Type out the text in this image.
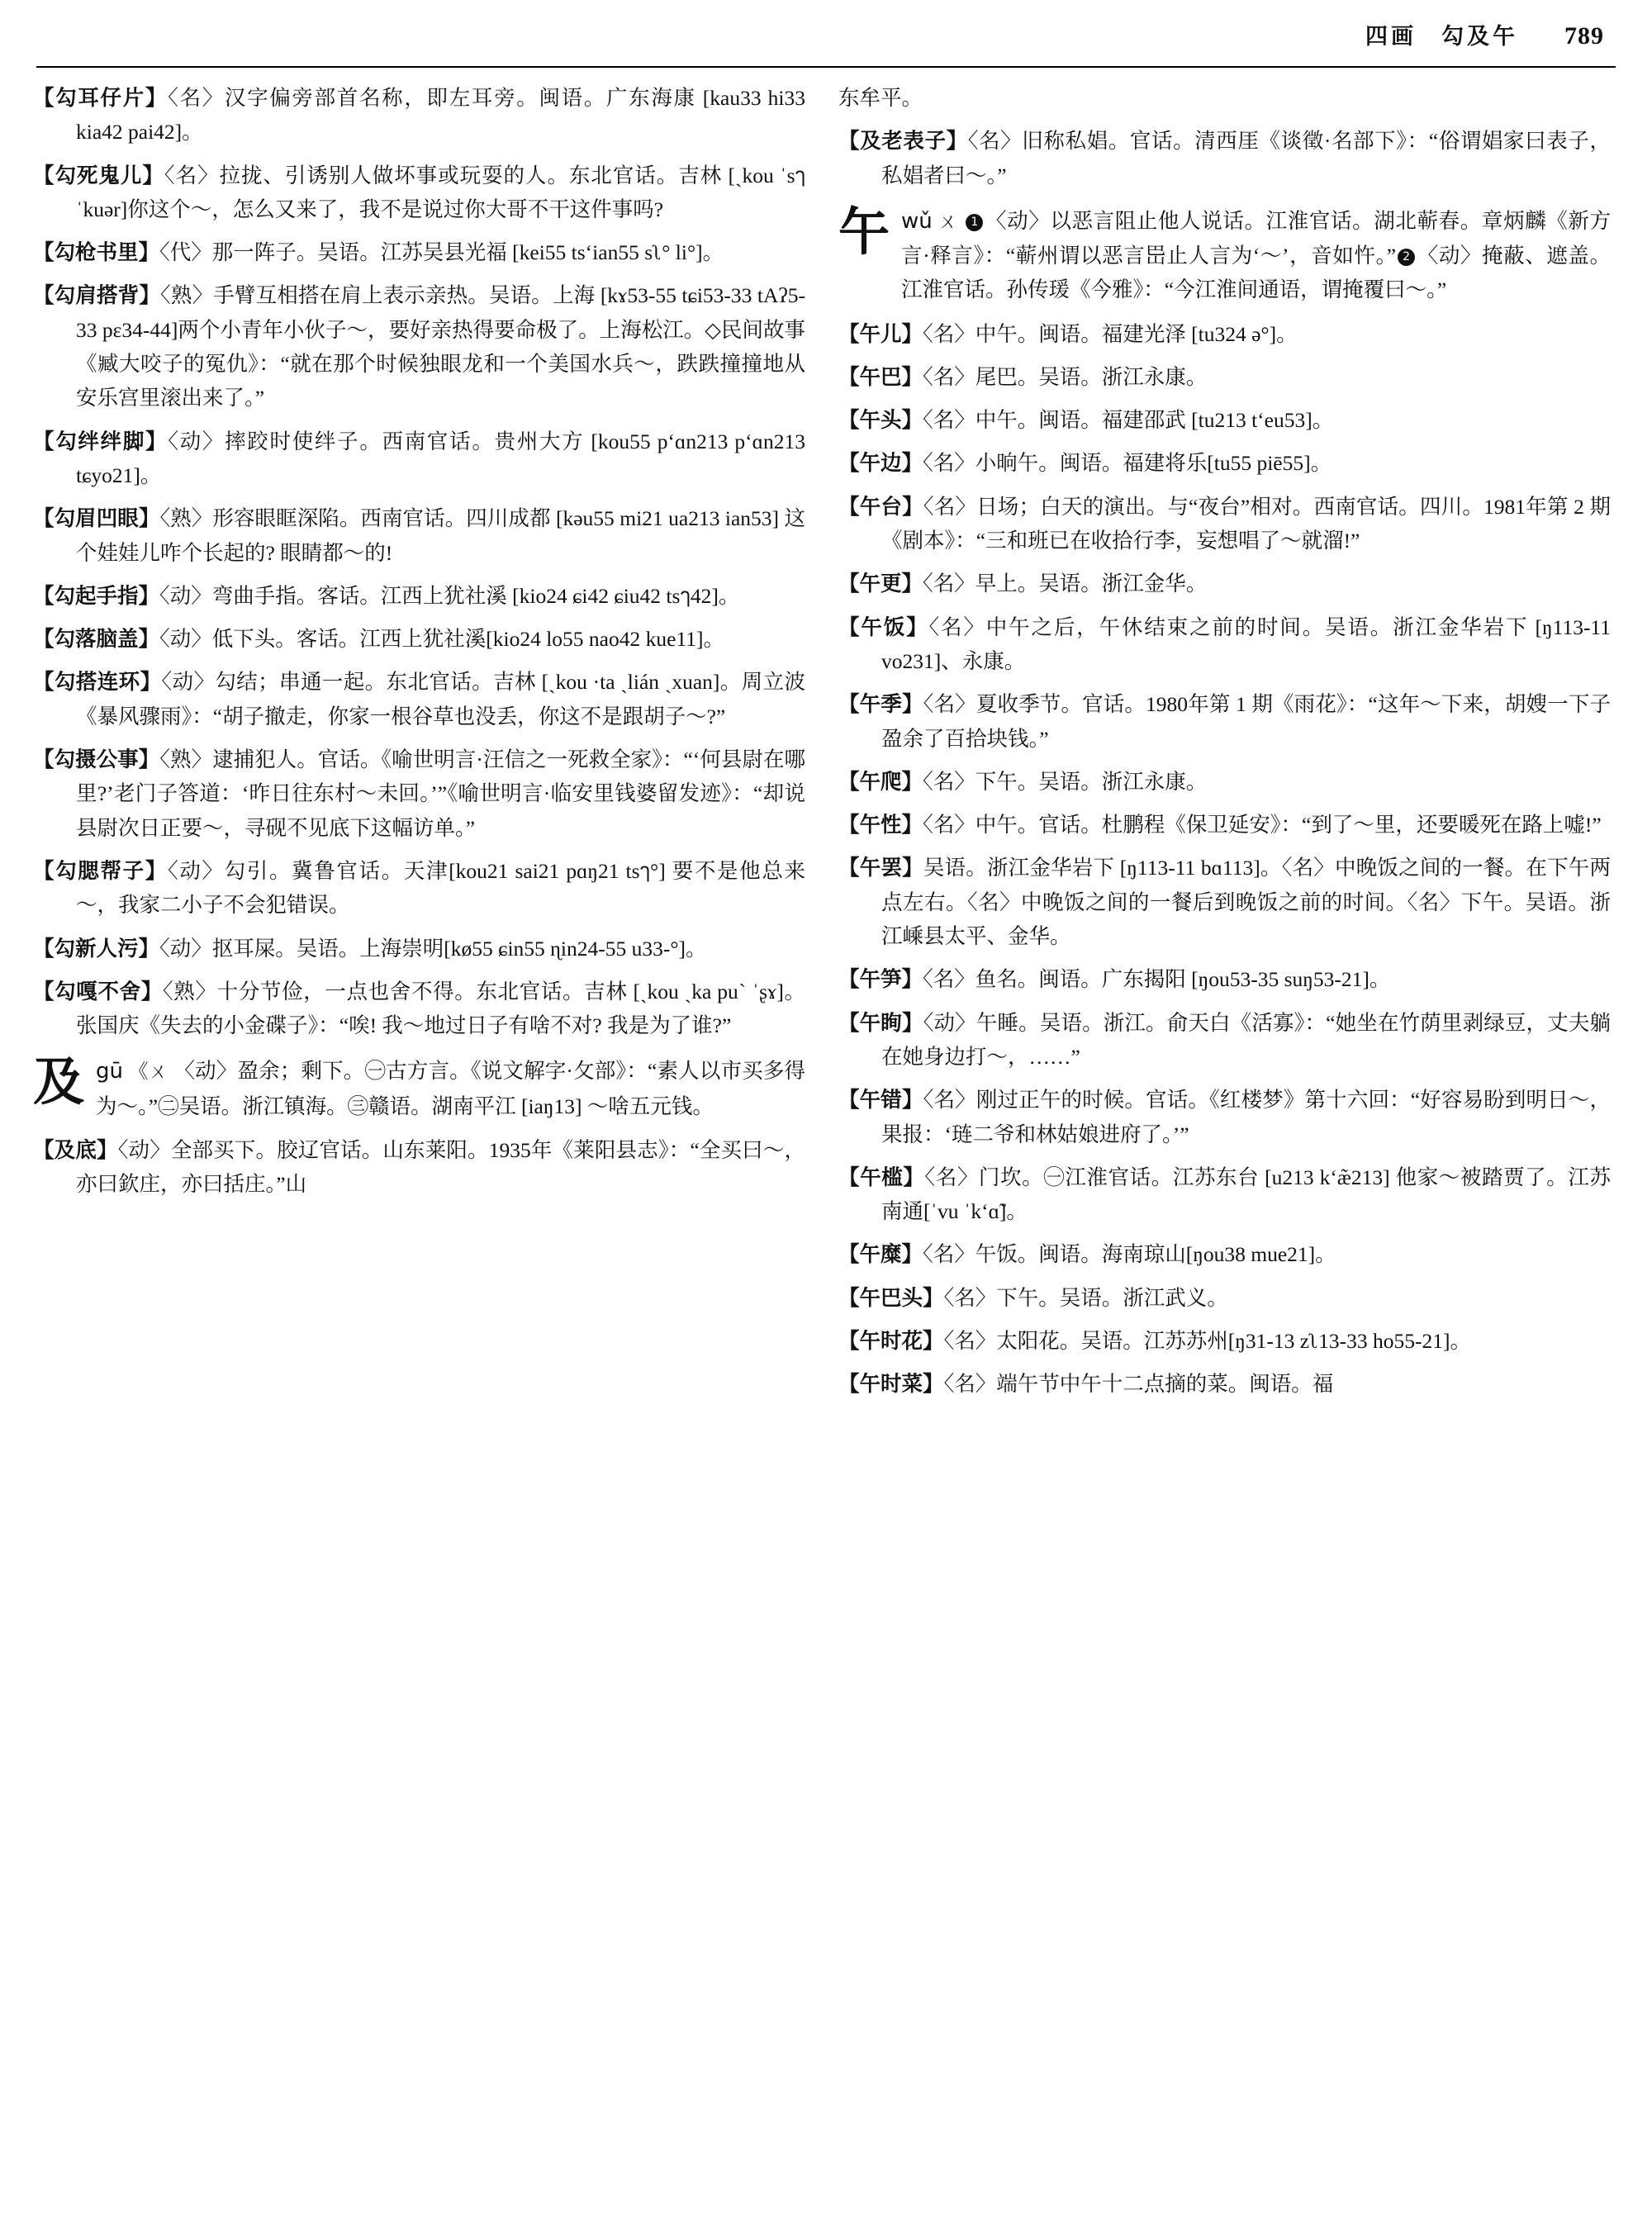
四画 勾及午 789

【勾耳仔片】〈名〉汉字偏旁部首名称，即左耳旁。闽语。广东海康 [kau33 hi33 kia42 pai42]。

【勾死鬼儿】〈名〉拉拢、引诱别人做坏事或玩耍的人。东北官话。吉林 [ˎkou ˈsๅ ˈkuər]你这个～，怎么又来了，我不是说过你大哥不干这件事吗?

【勾枪书里】〈代〉那一阵子。吴语。江苏吴县光福 [kei55 tsʻian55 sʅ° li°]。

【勾肩搭背】〈熟〉手臂互相搭在肩上表示亲热。吴语。上海 [kɤ53-55 tɕi53-33 tAʔ5-33 pɛ34-44]两个小青年小伙子～，要好亲热得要命极了。上海松江。◇民间故事《臧大咬子的冤仇》：“就在那个时候独眼龙和一个美国水兵～，跌跌撞撞地从安乐宫里滚出来了。”

【勾绊绊脚】〈动〉摔跤时使绊子。西南官话。贵州大方 [kou55 pʻɑn213 pʻɑn213 tɕyo21]。

【勾眉凹眼】〈熟〉形容眼眶深陷。西南官话。四川成都 [kəu55 mi21 ua213 ian53] 这个娃娃儿咋个长起的? 眼睛都～的!

【勾起手指】〈动〉弯曲手指。客话。江西上犹社溪 [kio24 ɕi42 ɕiu42 tsๅ42]。

【勾落脑盖】〈动〉低下头。客话。江西上犹社溪[kio24 lo55 nao42 kue11]。

【勾搭连环】〈动〉勾结；串通一起。东北官话。吉林 [ˎkou ·ta ˎlián ˎxuan]。周立波《暴风骤雨》：“胡子撤走，你家一根谷草也没丢，你这不是跟胡子～?”

【勾摄公事】〈熟〉逮捕犯人。官话。《喻世明言·汪信之一死救全家》：“‘何县尉在哪里?’老门子答道：‘昨日往东村～未回。’”《喻世明言·临安里钱婆留发迹》：“却说县尉次日正要～，寻砚不见底下这幅访单。”

【勾腮帮子】〈动〉勾引。冀鲁官话。天津[kou21 sai21 pɑŋ21 tsๅ°] 要不是他总来～，我家二小子不会犯错误。

【勾新人污】〈动〉抠耳屎。吴语。上海崇明[kø55 ɕin55 ɳin24-55 u33-°]。

【勾嘎不舍】〈熟〉十分节俭，一点也舍不得。东北官话。吉林 [ˎkou ˎka puˋ ˈʂɤ]。张国庆《失去的小金碟子》：“唉! 我～地过日子有啥不对? 我是为了谁?”

及 gū 《ㄨ 〈动〉盈余；剩下。㊀古方言。《说文解字·攵部》：“素人以市买多得为～。”㊁吴语。浙江镇海。㊂赣语。湖南平江 [iaŋ13] ～啥五元钱。

【及底】〈动〉全部买下。胶辽官话。山东莱阳。1935年《莱阳县志》：“全买曰～，亦曰欽庄，亦曰括庄。”山

东牟平。

【及老表子】〈名〉旧称私娼。官话。清西厓《谈徵·名部下》：“俗谓娼家曰表子，私娼者曰～。”

午 wǔ ㄨ 1 〈动〉以恶言阻止他人说话。江淮官话。湖北蕲春。章炳麟《新方言·释言》：“蕲州谓以恶言岊止人言为‘～’，音如忤。” 2 〈动〉掩蔽、遮盖。江淮官话。孙传瑗《今雅》：“今江淮间通语，谓掩覆曰～。”

【午儿】〈名〉中午。闽语。福建光泽 [tu324 ə°]。

【午巴】〈名〉尾巴。吴语。浙江永康。

【午头】〈名〉中午。闽语。福建邵武 [tu213 tʻeu53]。

【午边】〈名〉小晌午。闽语。福建将乐[tu55 piē55]。

【午台】〈名〉日场；白天的演出。与“夜台”相对。西南官话。四川。1981年第 2 期《剧本》：“三和班已在收拾行李，妄想唱了～就溜!”

【午更】〈名〉早上。吴语。浙江金华。

【午饭】〈名〉中午之后，午休结束之前的时间。吴语。浙江金华岩下 [ŋ113-11 vo231]、永康。

【午季】〈名〉夏收季节。官话。1980年第 1 期《雨花》：“这年～下来，胡嫂一下子盈余了百拾块钱。”

【午爬】〈名〉下午。吴语。浙江永康。

【午性】〈名〉中午。官话。杜鹏程《保卫延安》：“到了～里，还要暖死在路上嘘!”

【午罢】吴语。浙江金华岩下 [ŋ113-11 bɑ113]。〈名〉中晚饭之间的一餐。在下午两点左右。〈名〉中晚饭之间的一餐后到晚饭之前的时间。〈名〉下午。吴语。浙江嵊县太平、金华。

【午笋】〈名〉鱼名。闽语。广东揭阳 [ŋou53-35 suŋ53-21]。

【午眴】〈动〉午睡。吴语。浙江。俞天白《活寡》：“她坐在竹荫里剥绿豆，丈夫躺在她身边打～，……”

【午错】〈名〉刚过正午的时候。官话。《红楼梦》第十六回：“好容易盼到明日～，果报：‘琏二爷和林姑娘进府了。’”

【午槛】〈名〉门坎。㊀江淮官话。江苏东台 [u213 kʻæ̃213] 他家～被踏贾了。江苏南通[ˈvu ˈkʻɑ̃]。

【午糜】〈名〉午饭。闽语。海南琼山[ŋou38 mue21]。

【午巴头】〈名〉下午。吴语。浙江武义。

【午时花】〈名〉太阳花。吴语。江苏苏州[ŋ31-13 zʅ13-33 ho55-21]。

【午时菜】〈名〉端午节中午十二点摘的菜。闽语。福
